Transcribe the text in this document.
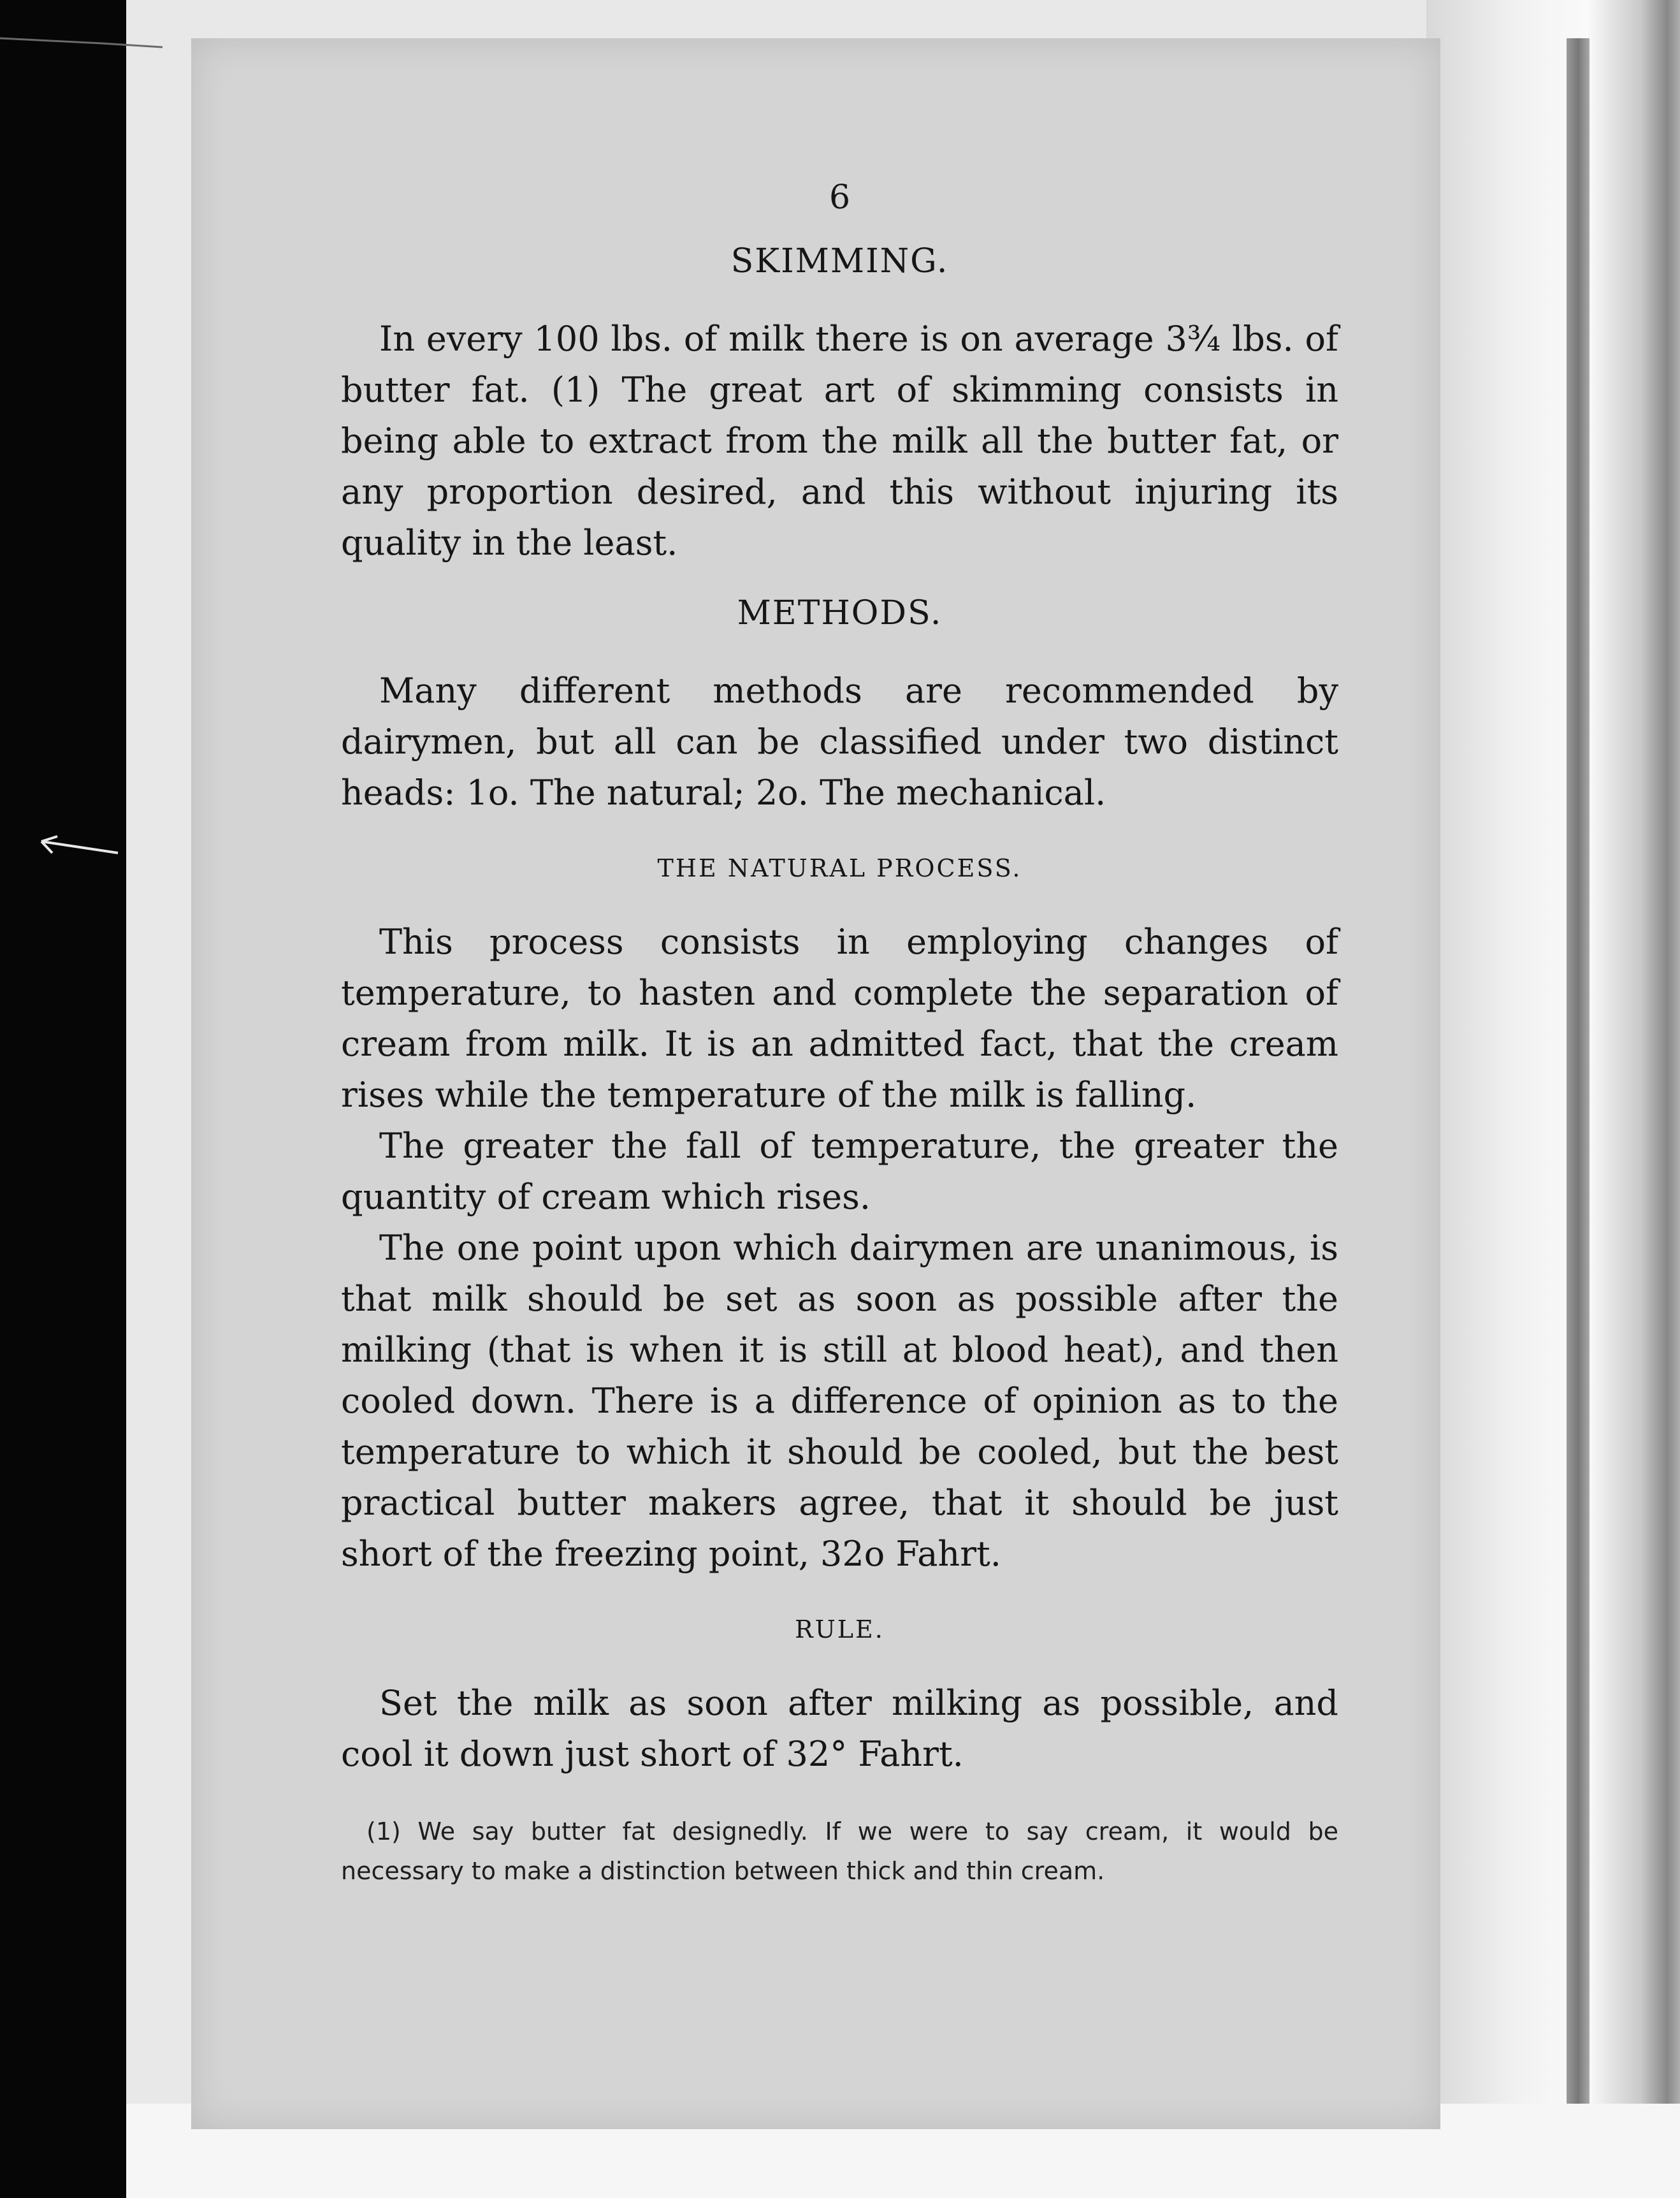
6
SKIMMING.

In every 100 lbs. of milk there is on average 3¾ lbs. of butter fat. (1) The great art of skimming consists in being able to extract from the milk all the butter fat, or any proportion desired, and this without injuring its quality in the least.

METHODS.

Many different methods are recommended by dairymen, but all can be classified under two distinct heads: 1o. The natural; 2o. The mechanical.

THE NATURAL PROCESS.

This process consists in employing changes of temperature, to hasten and complete the separation of cream from milk. It is an admitted fact, that the cream rises while the temperature of the milk is falling.

The greater the fall of temperature, the greater the quantity of cream which rises.

The one point upon which dairymen are unanimous, is that milk should be set as soon as possible after the milking (that is when it is still at blood heat), and then cooled down. There is a difference of opinion as to the temperature to which it should be cooled, but the best practical butter makers agree, that it should be just short of the freezing point, 32o Fahrt.

RULE.

Set the milk as soon after milking as possible, and cool it down just short of 32° Fahrt.

(1) We say butter fat designedly. If we were to say cream, it would be necessary to make a distinction between thick and thin cream.
